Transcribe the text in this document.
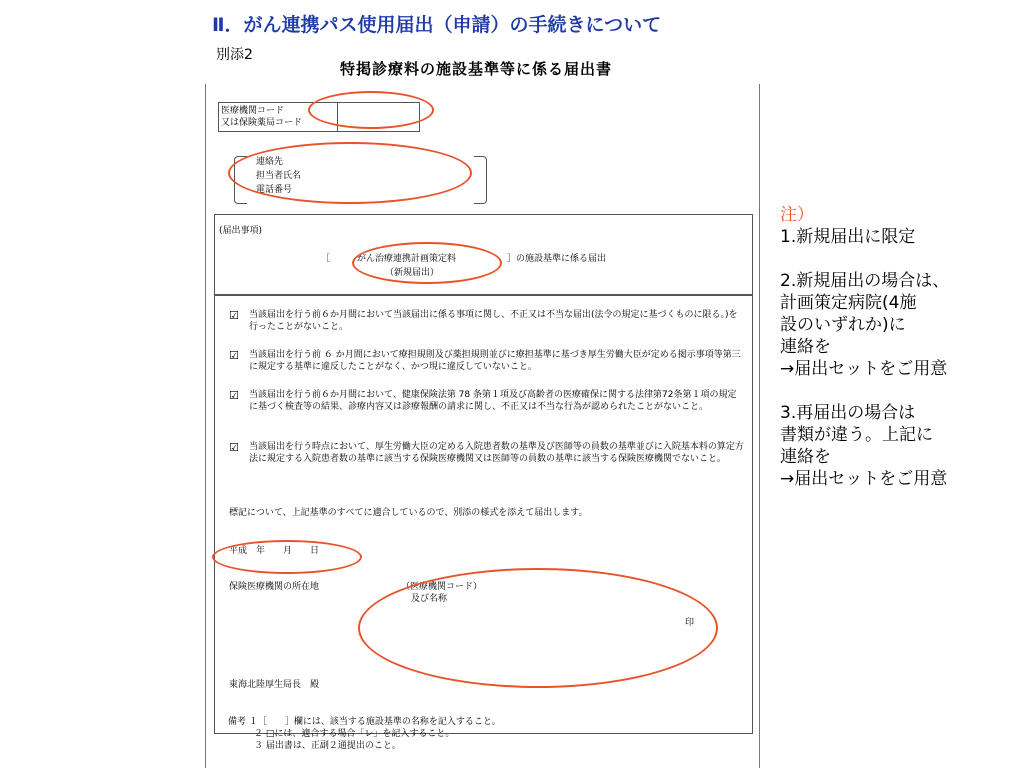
Ⅱ．がん連携パス使用届出（申請）の手続きについて
別添2
特掲診療料の施設基準等に係る届出書
医療機関コード
又は保険薬局コード
連絡先
担当者氏名
電話番号
(届出事項)
［	がん治療連携計画策定料	］の施設基準に係る届出
（新規届出）
☑ 当該届出を行う前６か月間において当該届出に係る事項に関し、不正又は不当な届出(法令の規定に基づくものに限る。)を行ったことがないこと。
☑ 当該届出を行う前 ６ か月間において療担規則及び薬担規則並びに療担基準に基づき厚生労働大臣が定める掲示事項等第三に規定する基準に違反したことがなく、かつ現に違反していないこと。
☑ 当該届出を行う前６か月間において、健康保険法第 78 条第１項及び高齢者の医療確保に関する法律第72条第１項の規定に基づく検査等の結果、診療内容又は診療報酬の請求に関し、不正又は不当な行為が認められたことがないこと。
☑ 当該届出を行う時点において、厚生労働大臣の定める入院患者数の基準及び医師等の員数の基準並びに入院基本料の算定方法に規定する入院患者数の基準に該当する保険医療機関又は医師等の員数の基準に該当する保険医療機関でないこと。
標記について、上記基準のすべてに適合しているので、別添の様式を添えて届出します。
平成　年　　月　　日
保険医療機関の所在地	（医療機関コード）
及び名称
印
東海北陸厚生局長　殿
備考 １［　　］欄には、該当する施設基準の名称を記入すること。
２ □には、適合する場合「レ」を記入すること。
３ 届出書は、正副２通提出のこと。
注）
1.新規届出に限定
2.新規届出の場合は、
計画策定病院(4施
設のいずれか)に
連絡を
→届出セットをご用意
3.再届出の場合は
書類が違う。上記に
連絡を
→届出セットをご用意
